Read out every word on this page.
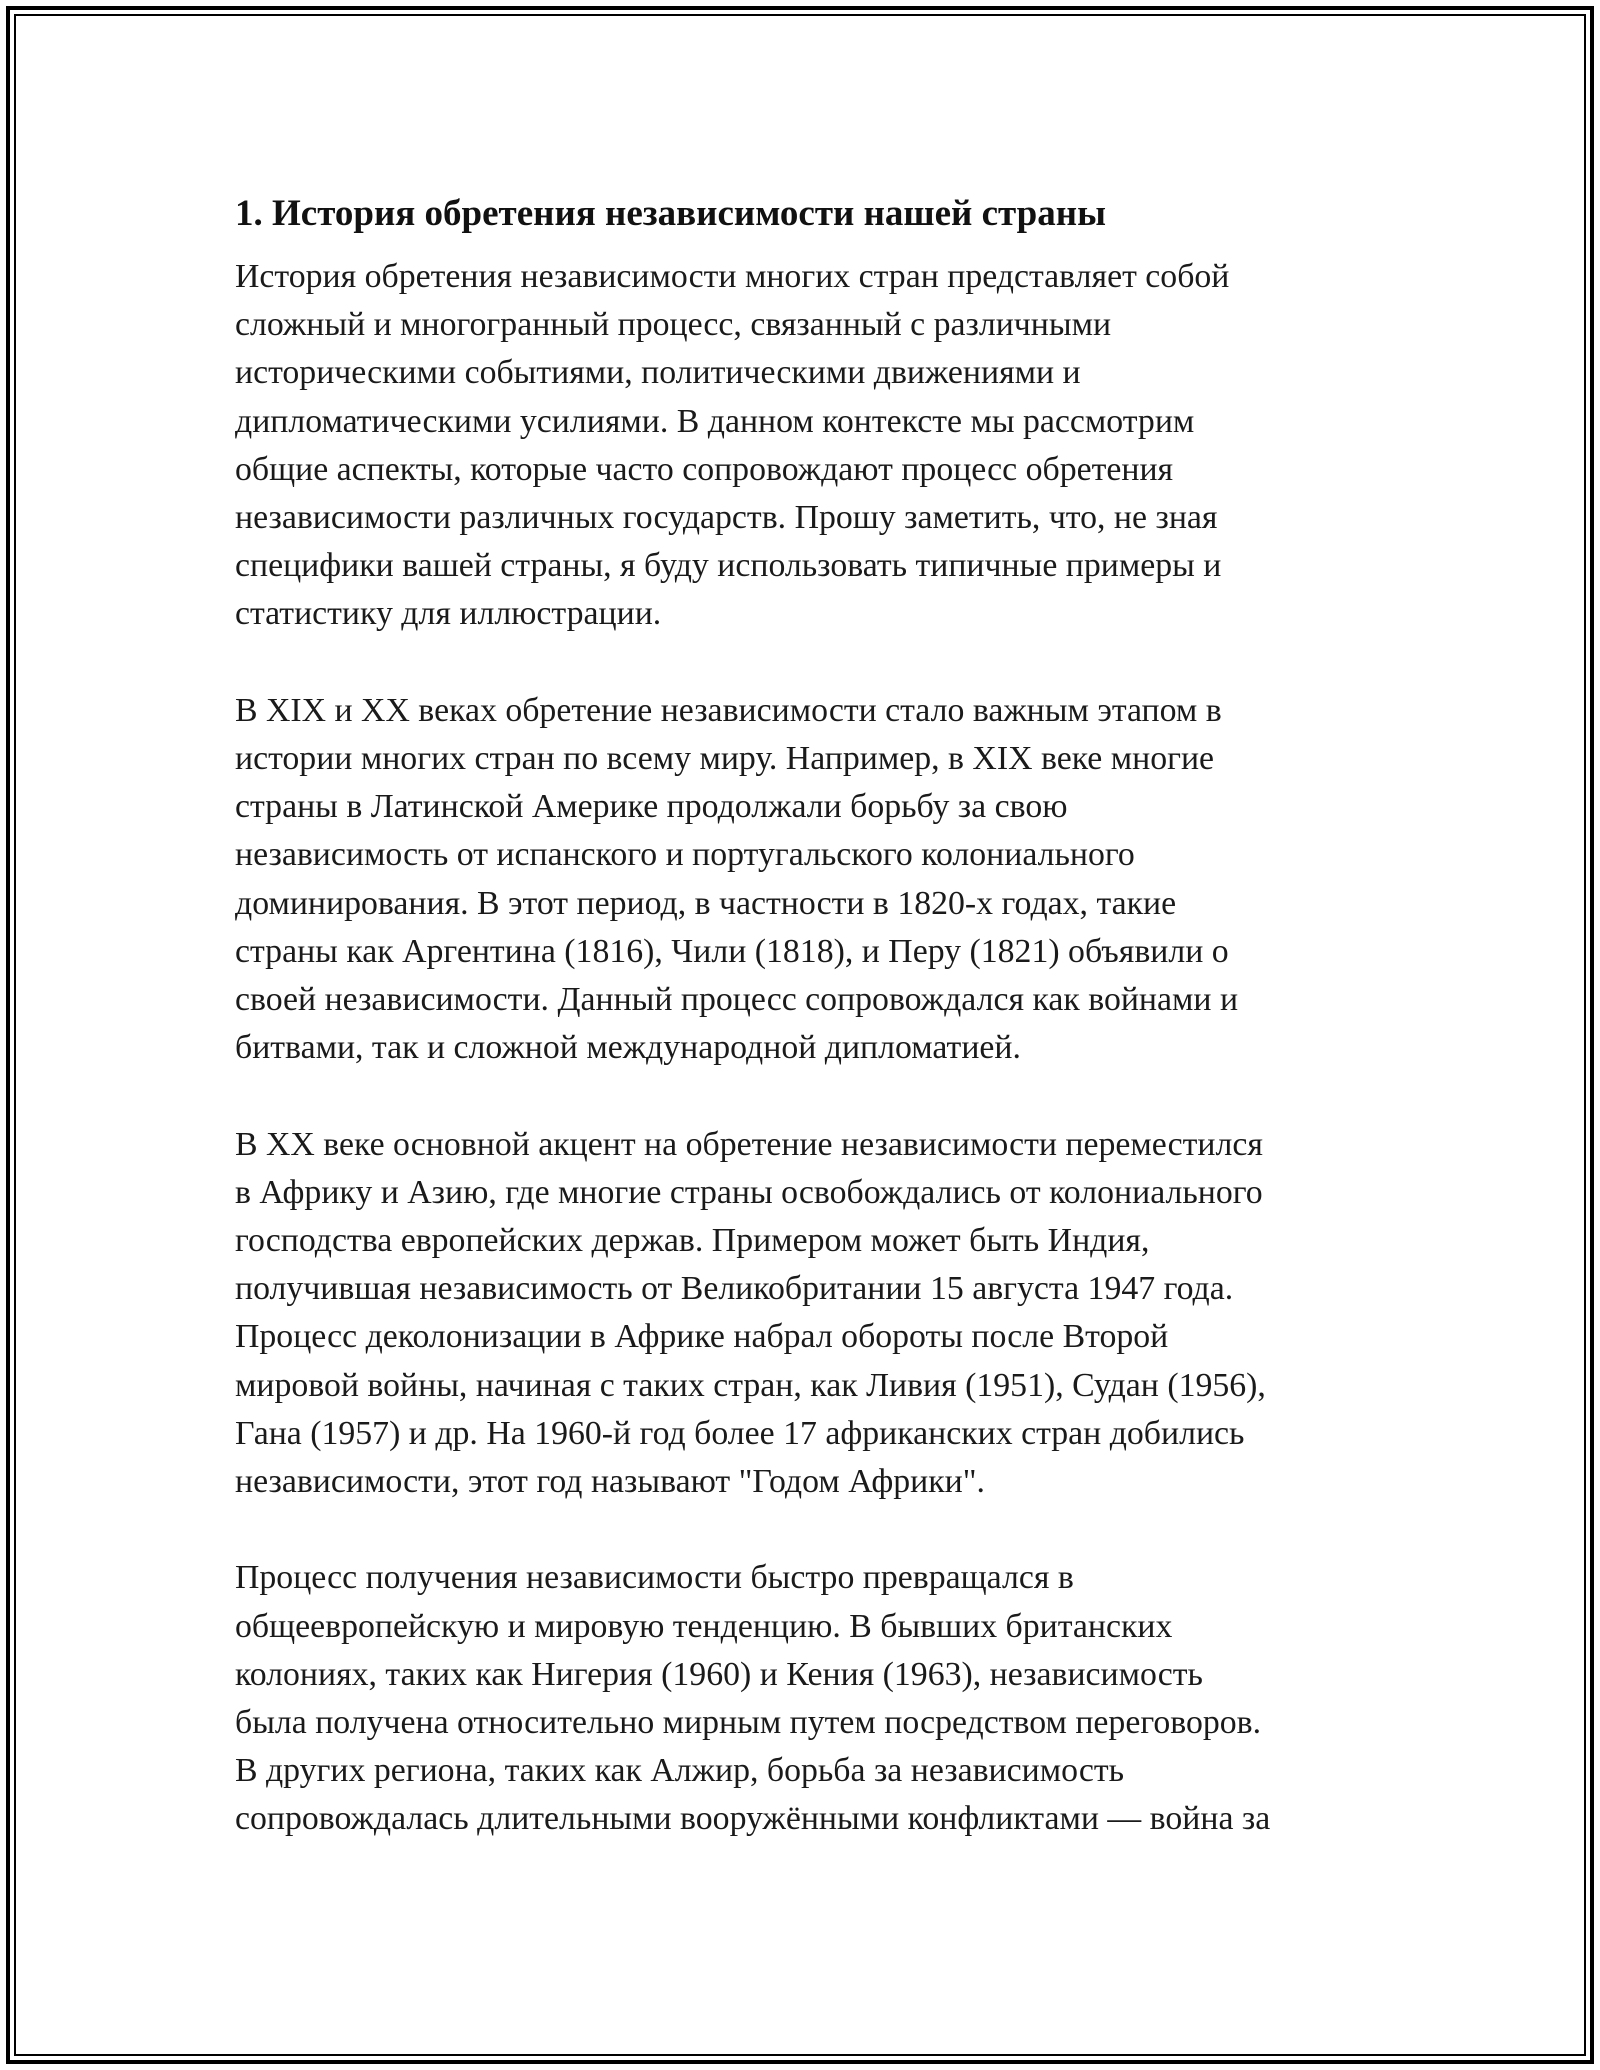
1. История обретения независимости нашей страны

История обретения независимости многих стран представляет собой
сложный и многогранный процесс, связанный с различными
историческими событиями, политическими движениями и
дипломатическими усилиями. В данном контексте мы рассмотрим
общие аспекты, которые часто сопровождают процесс обретения
независимости различных государств. Прошу заметить, что, не зная
специфики вашей страны, я буду использовать типичные примеры и
статистику для иллюстрации.

В XIX и XX веках обретение независимости стало важным этапом в
истории многих стран по всему миру. Например, в XIX веке многие
страны в Латинской Америке продолжали борьбу за свою
независимость от испанского и португальского колониального
доминирования. В этот период, в частности в 1820-х годах, такие
страны как Аргентина (1816), Чили (1818), и Перу (1821) объявили о
своей независимости. Данный процесс сопровождался как войнами и
битвами, так и сложной международной дипломатией.

В XX веке основной акцент на обретение независимости переместился
в Африку и Азию, где многие страны освобождались от колониального
господства европейских держав. Примером может быть Индия,
получившая независимость от Великобритании 15 августа 1947 года.
Процесс деколонизации в Африке набрал обороты после Второй
мировой войны, начиная с таких стран, как Ливия (1951), Судан (1956),
Гана (1957) и др. На 1960-й год более 17 африканских стран добились
независимости, этот год называют "Годом Африки".

Процесс получения независимости быстро превращался в
общеевропейскую и мировую тенденцию. В бывших британских
колониях, таких как Нигерия (1960) и Кения (1963), независимость
была получена относительно мирным путем посредством переговоров.
В других региона, таких как Алжир, борьба за независимость
сопровождалась длительными вооружёнными конфликтами — война за
